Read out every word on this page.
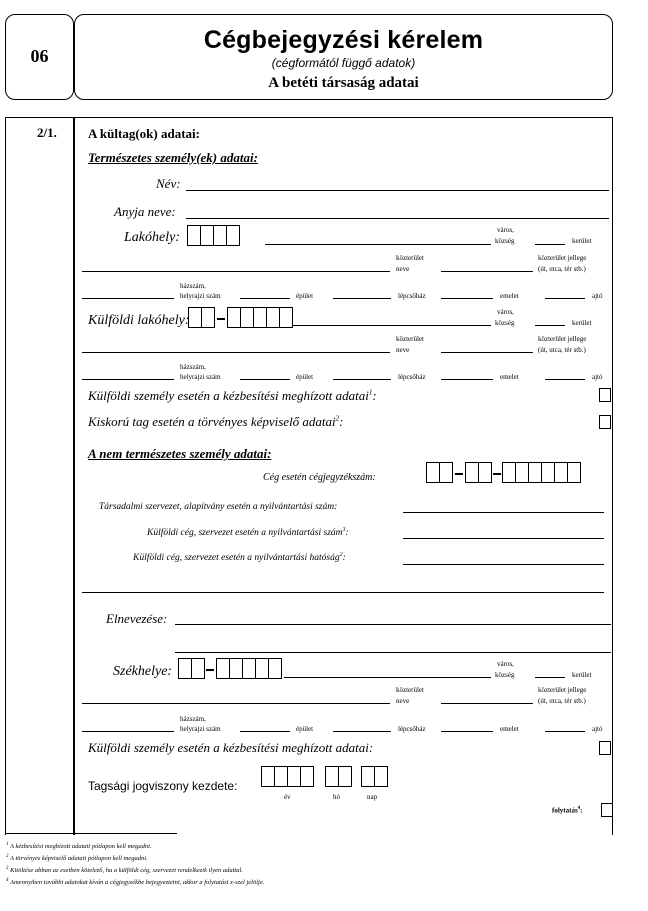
06
Cégbejegyzési kérelem
(cégformától függő adatok)
A betéti társaság adatai
2/1. A kültag(ok) adatai:
Természetes személy(ek) adatai:
Név:
Anyja neve:
Lakóhely:	város,
község	kerület
közterület
neve
közterület jellege
(út, utca, tér stb.)
házszám,
helyrajzi szám	épület	lépcsőház	emelet	ajtó
Külföldi lakóhely:
város,
község	kerület
közterület
neve
közterület jellege
(út, utca, tér stb.)
házszám,
helyrajzi szám	épület	lépcsőház	emelet	ajtó
Külföldi személy esetén a kézbesítési meghízott adatai$^1$:
Kiskorú tag esetén a törvényes képviselő adatai$^2$:
A nem természetes személy adatai:
Cég esetén cégjegyzékszám:
Társadalmi szervezet, alapítvány esetén a nyilvántartási szám:
Külföldi cég, szervezet esetén a nyilvántartási szám$^3$:
Külföldi cég, szervezet esetén a nyilvántartási hatóság$^2$:
Elnevezése:
Székhelye:	város,
község	kerület
közterület
neve
közterület jellege
(út, utca, tér stb.)
házszám,
helyrajzi szám	épület	lépcsőház	emelet	ajtó
Külföldi személy esetén a kézbesítési meghízott adatai:
Tagsági jogviszony kezdete:
év	hó	nap
folytatás$^4$:
$^1$ A kézbesítési megbízott adatait pótlapon kell megadni.
$^2$ A törvényes képviselő adatait pótlapon kell megadni.
$^3$ Kitöltése abban az esetben kötelező, ha a külföldi cég, szervezet rendelkezik ilyen adattal.
$^4$ Amennyiben további adatokat kíván a cégjegyzékbe bejegyeztetni, akkor a folytatást x-szel jelölje.
